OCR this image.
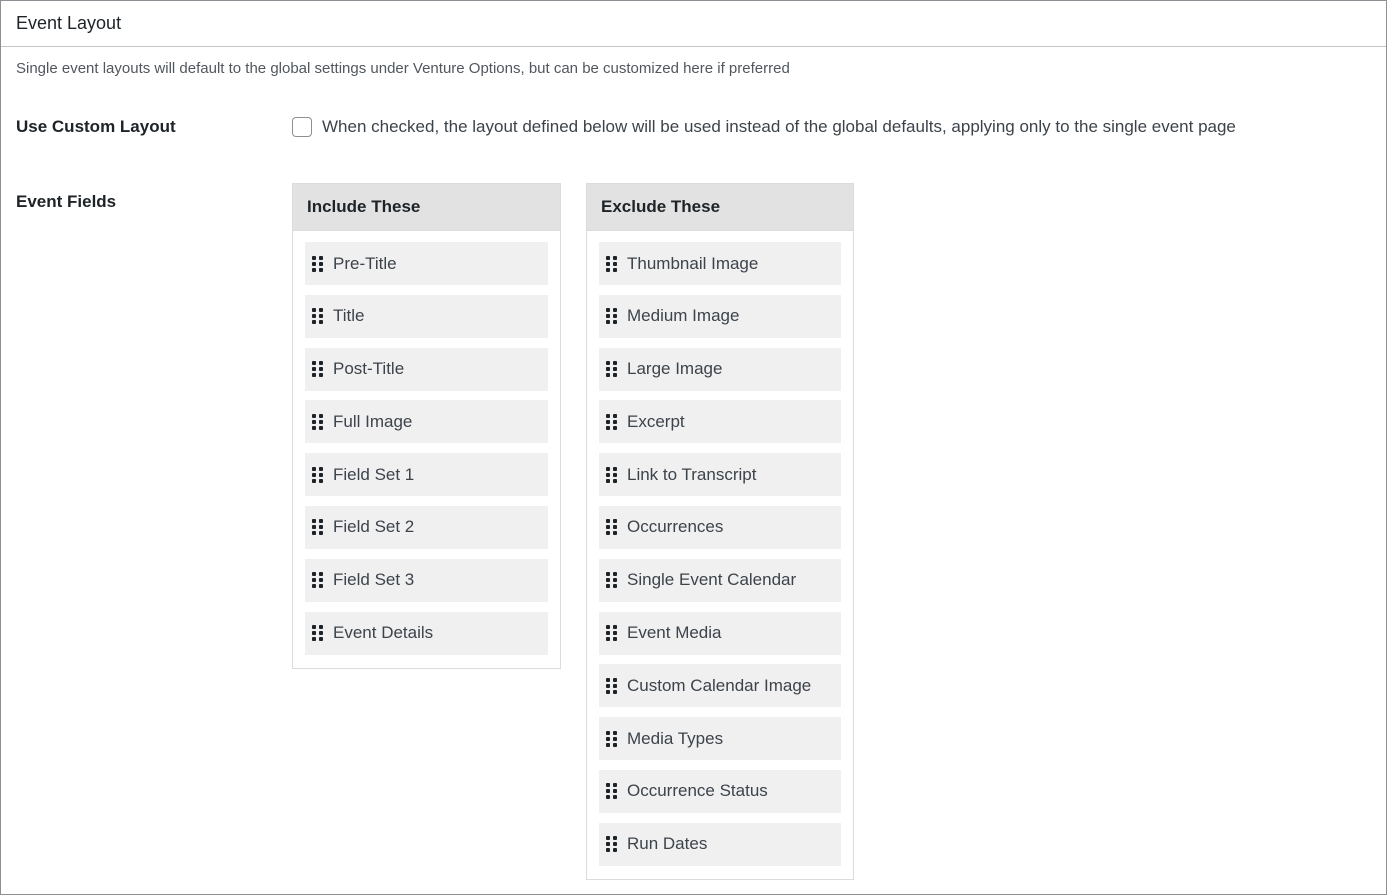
Event Layout

Single event layouts will default to the global settings under Venture Options, but can be customized here if preferred

Use Custom Layout	When checked, the layout defined below will be used instead of the global defaults, applying only to the single event page
Event Fields	Include These
Pre-Title
Title
Post-Title
Full Image
Field Set 1
Field Set 2
Field Set 3
Event Details
Exclude These
Thumbnail Image
Medium Image
Large Image
Excerpt
Link to Transcript
Occurrences
Single Event Calendar
Event Media
Custom Calendar Image
Media Types
Occurrence Status
Run Dates
